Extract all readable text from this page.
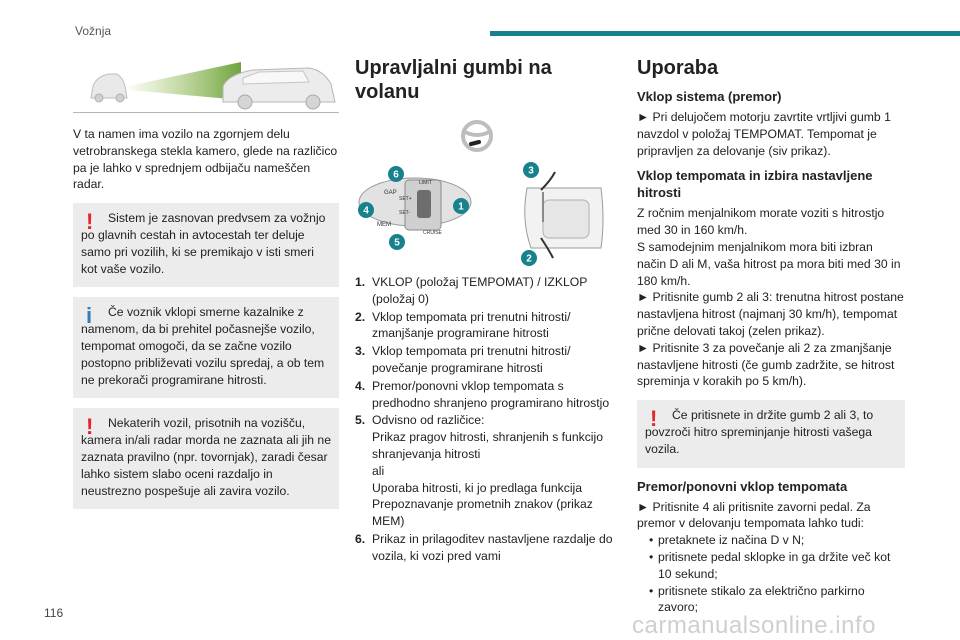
Vožnja

V ta namen ima vozilo na zgornjem delu vetrobranskega stekla kamero, glede na različico pa je lahko v sprednjem odbijaču nameščen radar.

!	Sistem je zasnovan predvsem za vožnjo po glavnih cestah in avtocestah ter deluje samo pri vozilih, ki se premikajo v isti smeri kot vaše vozilo.

i	Če voznik vklopi smerne kazalnike z namenom, da bi prehitel počasnejše vozilo, tempomat omogoči, da se začne vozilo postopno približevati vozilu spredaj, a ob tem ne prekorači programirane hitrosti.

!	Nekaterih vozil, prisotnih na vozišču, kamera in/ali radar morda ne zaznata ali jih ne zaznata pravilno (npr. tovornjak), zaradi česar lahko sistem slabo oceni razdaljo in neustrezno pospešuje ali zavira vozilo.

Upravljalni gumbi na volanu
GAP
MEM
LIMIT
SET+
SET-
CRUISE
6
4
5
1
3
2
1. VKLOP (položaj TEMPOMAT) / IZKLOP (položaj 0)
2. Vklop tempomata pri trenutni hitrosti/ zmanjšanje programirane hitrosti
3. Vklop tempomata pri trenutni hitrosti/ povečanje programirane hitrosti
4. Premor/ponovni vklop tempomata s predhodno shranjeno programirano hitrostjo
5. Odvisno od različice:
Prikaz pragov hitrosti, shranjenih s funkcijo shranjevanja hitrosti
ali
Uporaba hitrosti, ki jo predlaga funkcija Prepoznavanje prometnih znakov (prikaz MEM)
6. Prikaz in prilagoditev nastavljene razdalje do vozila, ki vozi pred vami
Uporaba
Vklop sistema (premor)

► Pri delujočem motorju zavrtite vrtljivi gumb 1 navzdol v položaj TEMPOMAT. Tempomat je pripravljen za delovanje (siv prikaz).

Vklop tempomata in izbira nastavljene hitrosti

Z ročnim menjalnikom morate voziti s hitrostjo med 30 in 160 km/h.

S samodejnim menjalnikom mora biti izbran način D ali M, vaša hitrost pa mora biti med 30 in 180 km/h.

► Pritisnite gumb 2 ali 3: trenutna hitrost postane nastavljena hitrost (najmanj 30 km/h), tempomat prične delovati takoj (zelen prikaz).

► Pritisnite 3 za povečanje ali 2 za zmanjšanje nastavljene hitrosti (če gumb zadržite, se hitrost spreminja v korakih po 5 km/h).

!	Če pritisnete in držite gumb 2 ali 3, to povzroči hitro spreminjanje hitrosti vašega vozila.

Premor/ponovni vklop tempomata

► Pritisnite 4 ali pritisnite zavorni pedal. Za premor v delovanju tempomata lahko tudi:

• pretaknete iz načina D v N;
• pritisnete pedal sklopke in ga držite več kot 10 sekund;
• pritisnete stikalo za električno parkirno zavoro;
116	carmanualsonline.info
